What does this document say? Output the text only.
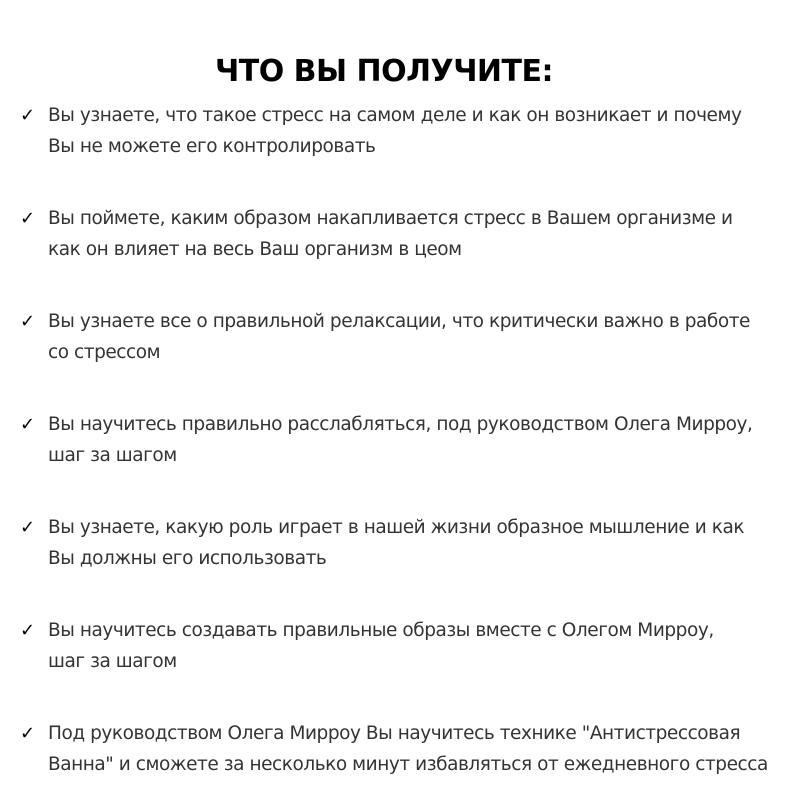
ЧТО ВЫ ПОЛУЧИТЕ:
✓ Вы узнаете, что такое стресс на самом деле и как он возникает и почему
Вы не можете его контролировать
✓ Вы поймете, каким образом накапливается стресс в Вашем организме и
как он влияет на весь Ваш организм в цеом
✓ Вы узнаете все о правильной релаксации, что критически важно в работе
со стрессом
✓ Вы научитесь правильно расслабляться, под руководством Олега Мирроу,
шаг за шагом
✓ Вы узнаете, какую роль играет в нашей жизни образное мышление и как
Вы должны его использовать
✓ Вы научитесь создавать правильные образы вместе с Олегом Мирроу,
шаг за шагом
✓ Под руководством Олега Мирроу Вы научитесь технике "Антистрессовая
Ванна" и сможете за несколько минут избавляться от ежедневного стресса
